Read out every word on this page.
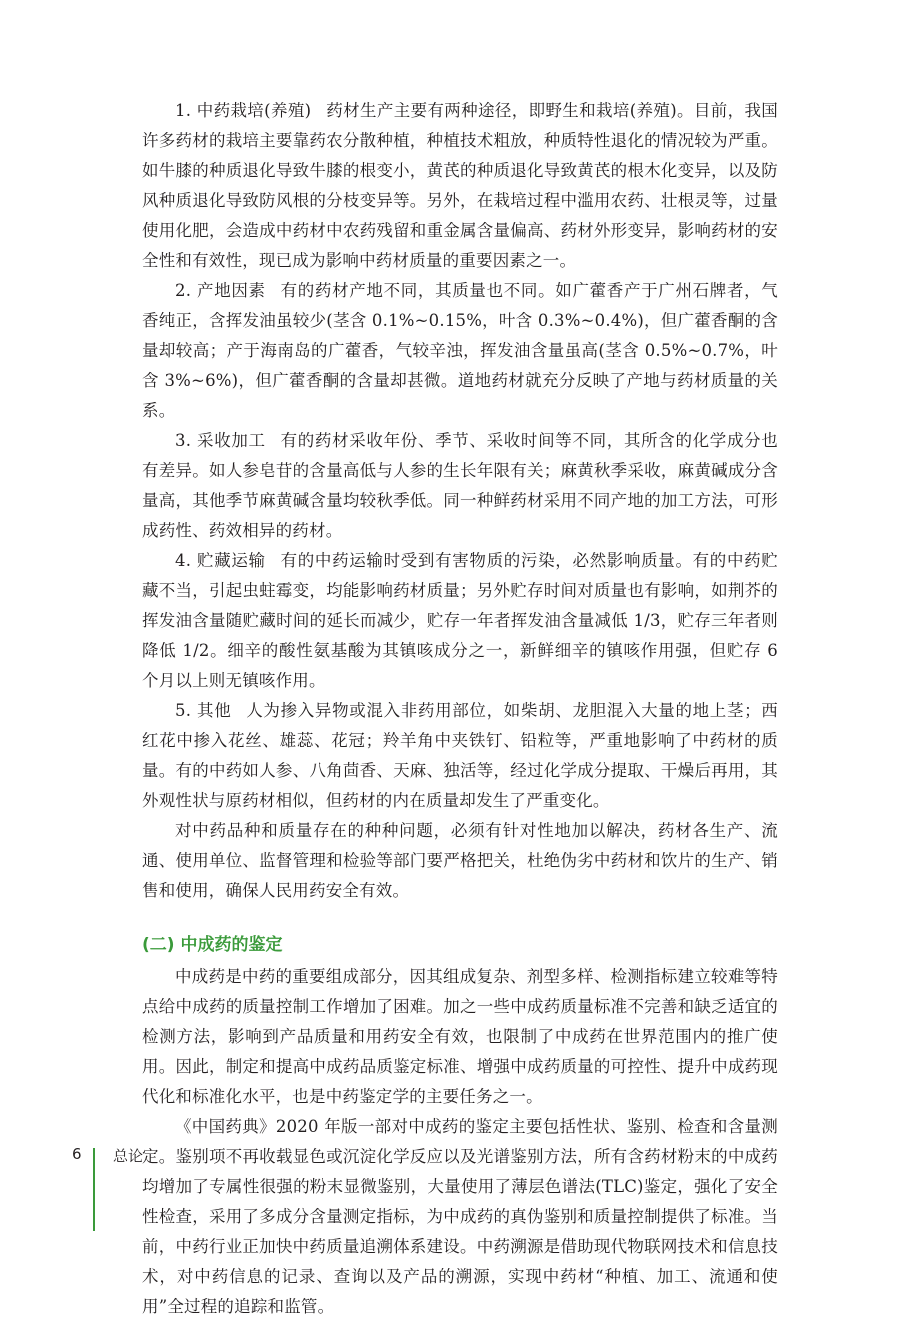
1. 中药栽培(养殖) 药材生产主要有两种途径，即野生和栽培(养殖)。目前，我国许多药材的栽培主要靠药农分散种植，种植技术粗放，种质特性退化的情况较为严重。如牛膝的种质退化导致牛膝的根变小，黄芪的种质退化导致黄芪的根木化变异，以及防风种质退化导致防风根的分枝变异等。另外，在栽培过程中滥用农药、壮根灵等，过量使用化肥，会造成中药材中农药残留和重金属含量偏高、药材外形变异，影响药材的安全性和有效性，现已成为影响中药材质量的重要因素之一。

2. 产地因素 有的药材产地不同，其质量也不同。如广藿香产于广州石牌者，气香纯正，含挥发油虽较少(茎含 0.1%~0.15%，叶含 0.3%~0.4%)，但广藿香酮的含量却较高；产于海南岛的广藿香，气较辛浊，挥发油含量虽高(茎含 0.5%~0.7%，叶含 3%~6%)，但广藿香酮的含量却甚微。道地药材就充分反映了产地与药材质量的关系。

3. 采收加工 有的药材采收年份、季节、采收时间等不同，其所含的化学成分也有差异。如人参皂苷的含量高低与人参的生长年限有关；麻黄秋季采收，麻黄碱成分含量高，其他季节麻黄碱含量均较秋季低。同一种鲜药材采用不同产地的加工方法，可形成药性、药效相异的药材。

4. 贮藏运输 有的中药运输时受到有害物质的污染，必然影响质量。有的中药贮藏不当，引起虫蛀霉变，均能影响药材质量；另外贮存时间对质量也有影响，如荆芥的挥发油含量随贮藏时间的延长而减少，贮存一年者挥发油含量减低 1/3，贮存三年者则降低 1/2。细辛的酸性氨基酸为其镇咳成分之一，新鲜细辛的镇咳作用强，但贮存 6 个月以上则无镇咳作用。

5. 其他 人为掺入异物或混入非药用部位，如柴胡、龙胆混入大量的地上茎；西红花中掺入花丝、雄蕊、花冠；羚羊角中夹铁钉、铅粒等，严重地影响了中药材的质量。有的中药如人参、八角茴香、天麻、独活等，经过化学成分提取、干燥后再用，其外观性状与原药材相似，但药材的内在质量却发生了严重变化。

对中药品种和质量存在的种种问题，必须有针对性地加以解决，药材各生产、流通、使用单位、监督管理和检验等部门要严格把关，杜绝伪劣中药材和饮片的生产、销售和使用，确保人民用药安全有效。

(二) 中成药的鉴定

中成药是中药的重要组成部分，因其组成复杂、剂型多样、检测指标建立较难等特点给中成药的质量控制工作增加了困难。加之一些中成药质量标准不完善和缺乏适宜的检测方法，影响到产品质量和用药安全有效，也限制了中成药在世界范围内的推广使用。因此，制定和提高中成药品质鉴定标准、增强中成药质量的可控性、提升中成药现代化和标准化水平，也是中药鉴定学的主要任务之一。

《中国药典》2020 年版一部对中成药的鉴定主要包括性状、鉴别、检查和含量测定。鉴别项不再收载显色或沉淀化学反应以及光谱鉴别方法，所有含药材粉末的中成药均增加了专属性很强的粉末显微鉴别，大量使用了薄层色谱法(TLC)鉴定，强化了安全性检查，采用了多成分含量测定指标，为中成药的真伪鉴别和质量控制提供了标准。当前，中药行业正加快中药质量追溯体系建设。中药溯源是借助现代物联网技术和信息技术，对中药信息的记录、查询以及产品的溯源，实现中药材“种植、加工、流通和使用”全过程的追踪和监管。

6 总论
